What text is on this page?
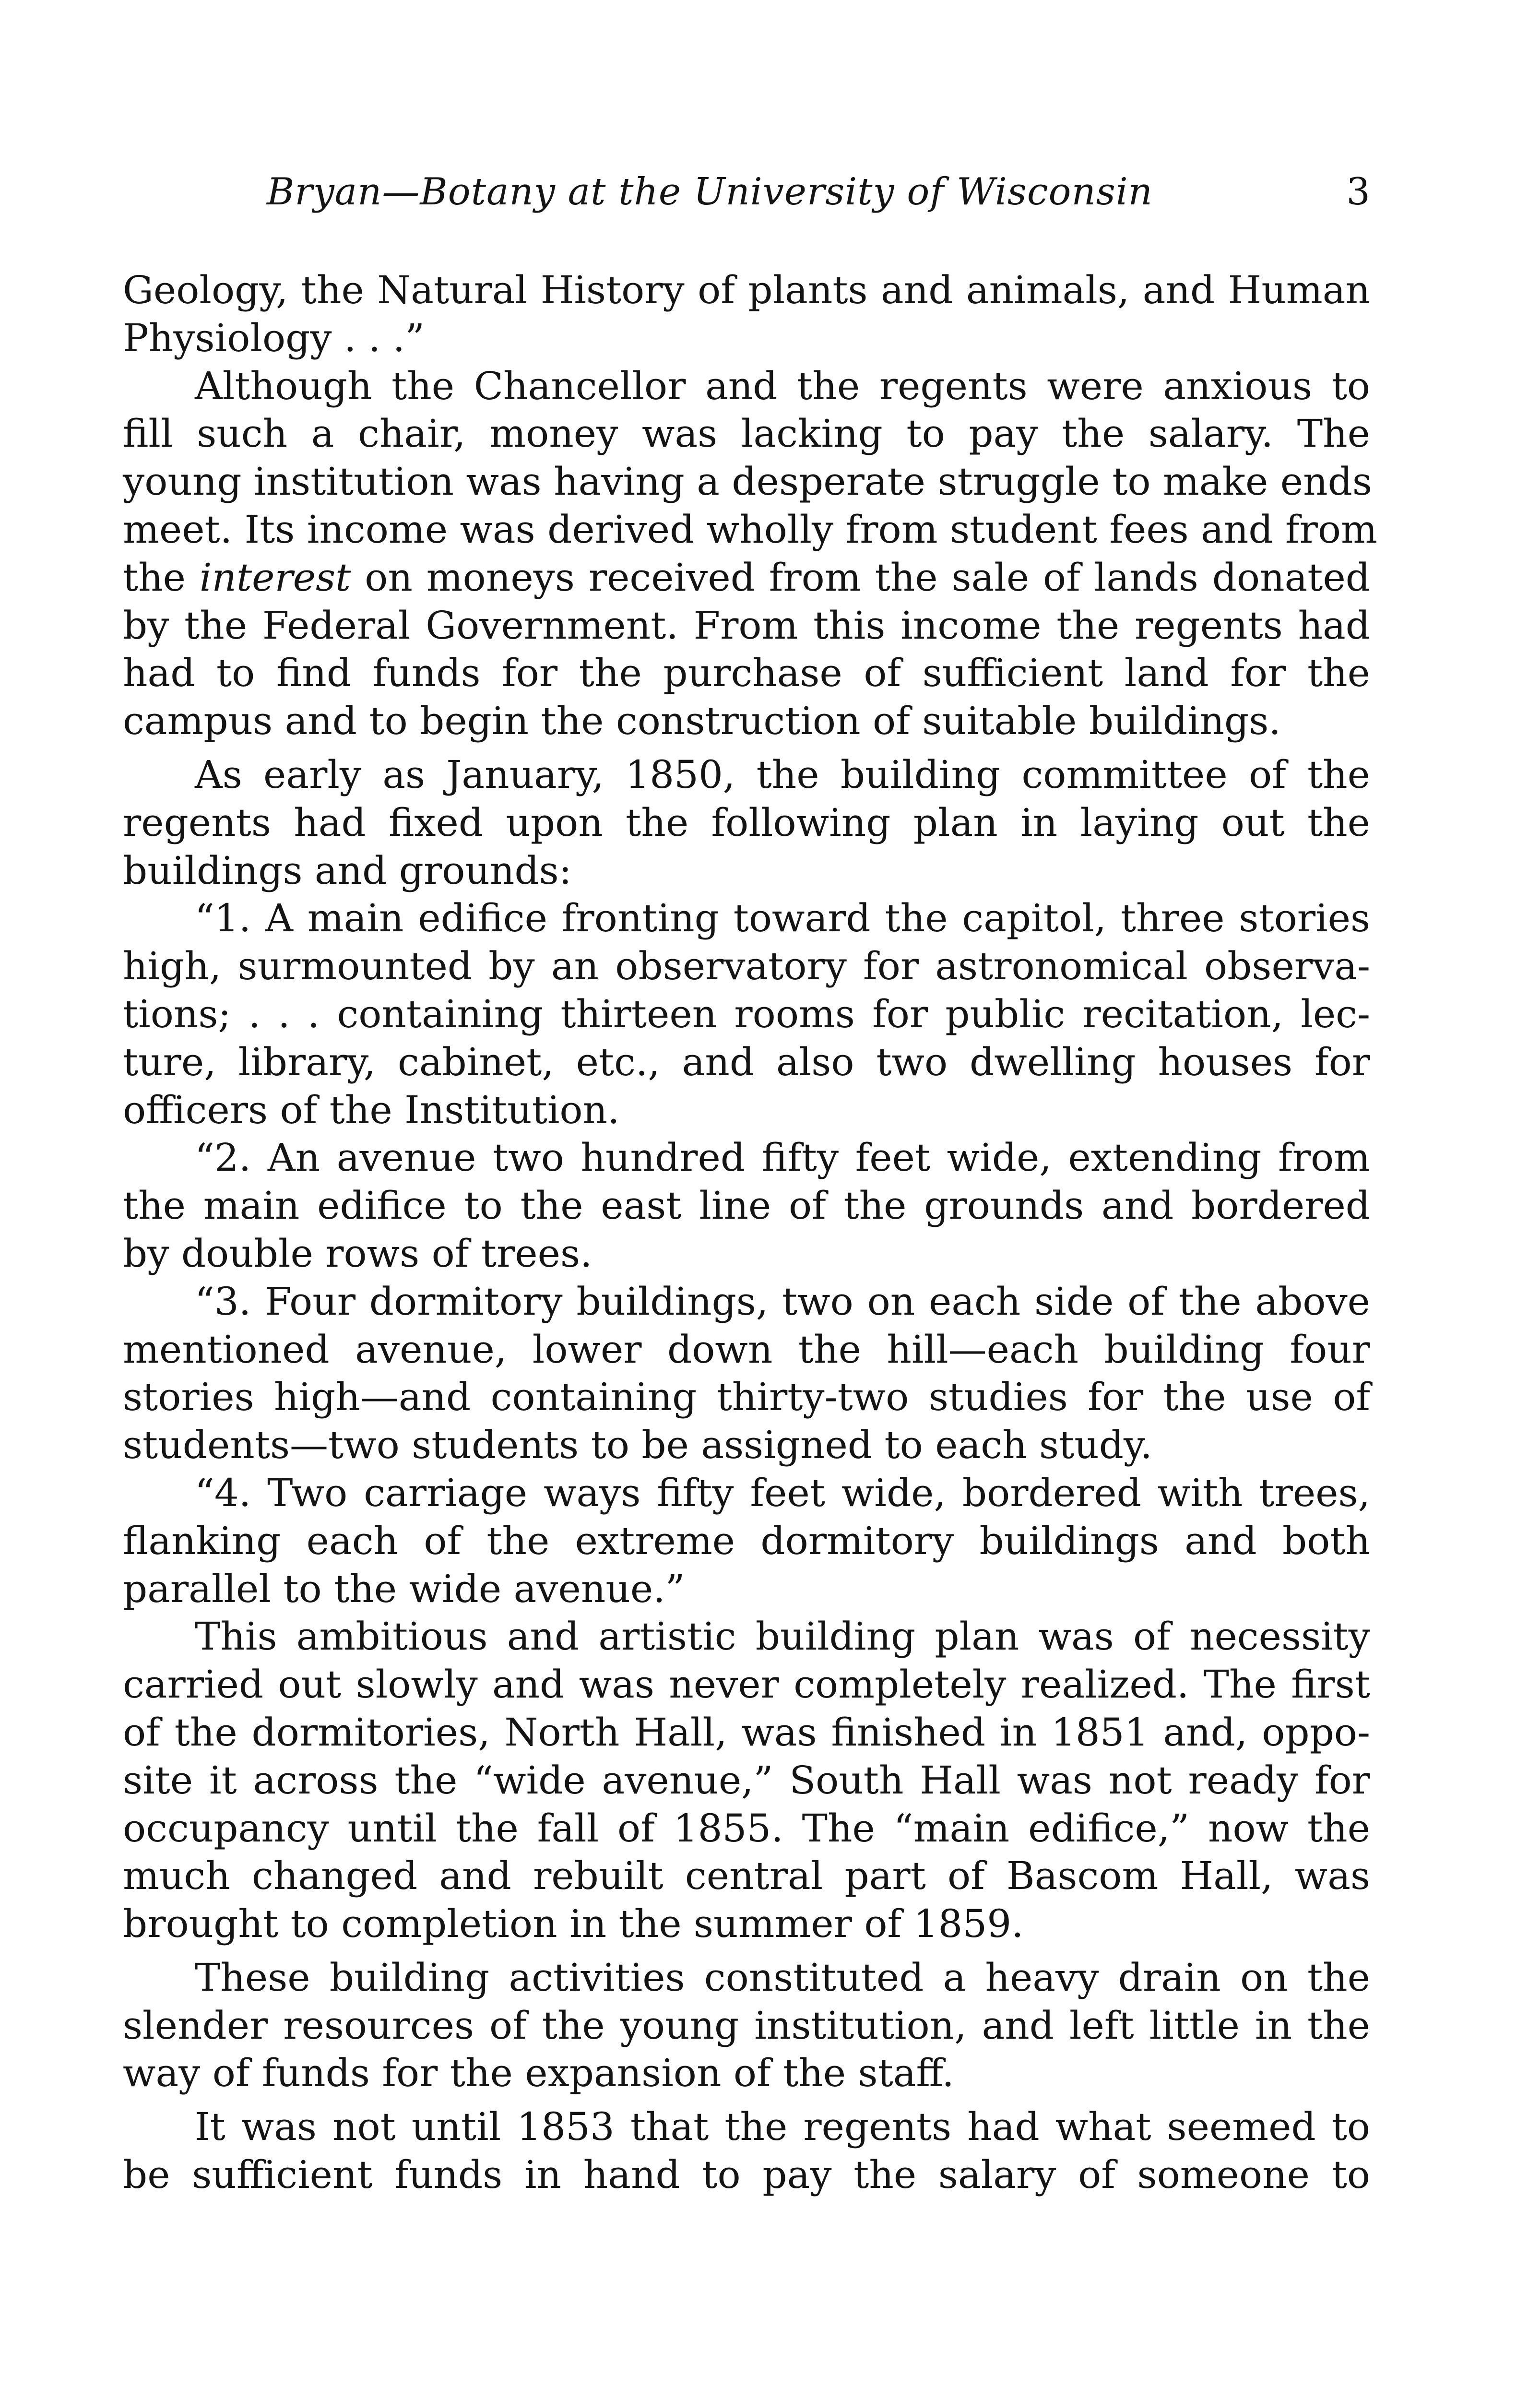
Bryan—Botany at the University of Wisconsin	3
Geology, the Natural History of plants and animals, and Human
Physiology . . .”
Although the Chancellor and the regents were anxious to
fill such a chair, money was lacking to pay the salary. The
young institution was having a desperate struggle to make ends
meet. Its income was derived wholly from student fees and from
the interest on moneys received from the sale of lands donated
by the Federal Government. From this income the regents had
had to find funds for the purchase of sufficient land for the
campus and to begin the construction of suitable buildings.
As early as January, 1850, the building committee of the
regents had fixed upon the following plan in laying out the
buildings and grounds:
“1. A main edifice fronting toward the capitol, three stories
high, surmounted by an observatory for astronomical observa-
tions; . . . containing thirteen rooms for public recitation, lec-
ture, library, cabinet, etc., and also two dwelling houses for
officers of the Institution.
“2. An avenue two hundred fifty feet wide, extending from
the main edifice to the east line of the grounds and bordered
by double rows of trees.
“3. Four dormitory buildings, two on each side of the above
mentioned avenue, lower down the hill—each building four
stories high—and containing thirty-two studies for the use of
students—two students to be assigned to each study.
“4. Two carriage ways fifty feet wide, bordered with trees,
flanking each of the extreme dormitory buildings and both
parallel to the wide avenue.”
This ambitious and artistic building plan was of necessity
carried out slowly and was never completely realized. The first
of the dormitories, North Hall, was finished in 1851 and, oppo-
site it across the “wide avenue,” South Hall was not ready for
occupancy until the fall of 1855. The “main edifice,” now the
much changed and rebuilt central part of Bascom Hall, was
brought to completion in the summer of 1859.
These building activities constituted a heavy drain on the
slender resources of the young institution, and left little in the
way of funds for the expansion of the staff.
It was not until 1853 that the regents had what seemed to
be sufficient funds in hand to pay the salary of someone to
